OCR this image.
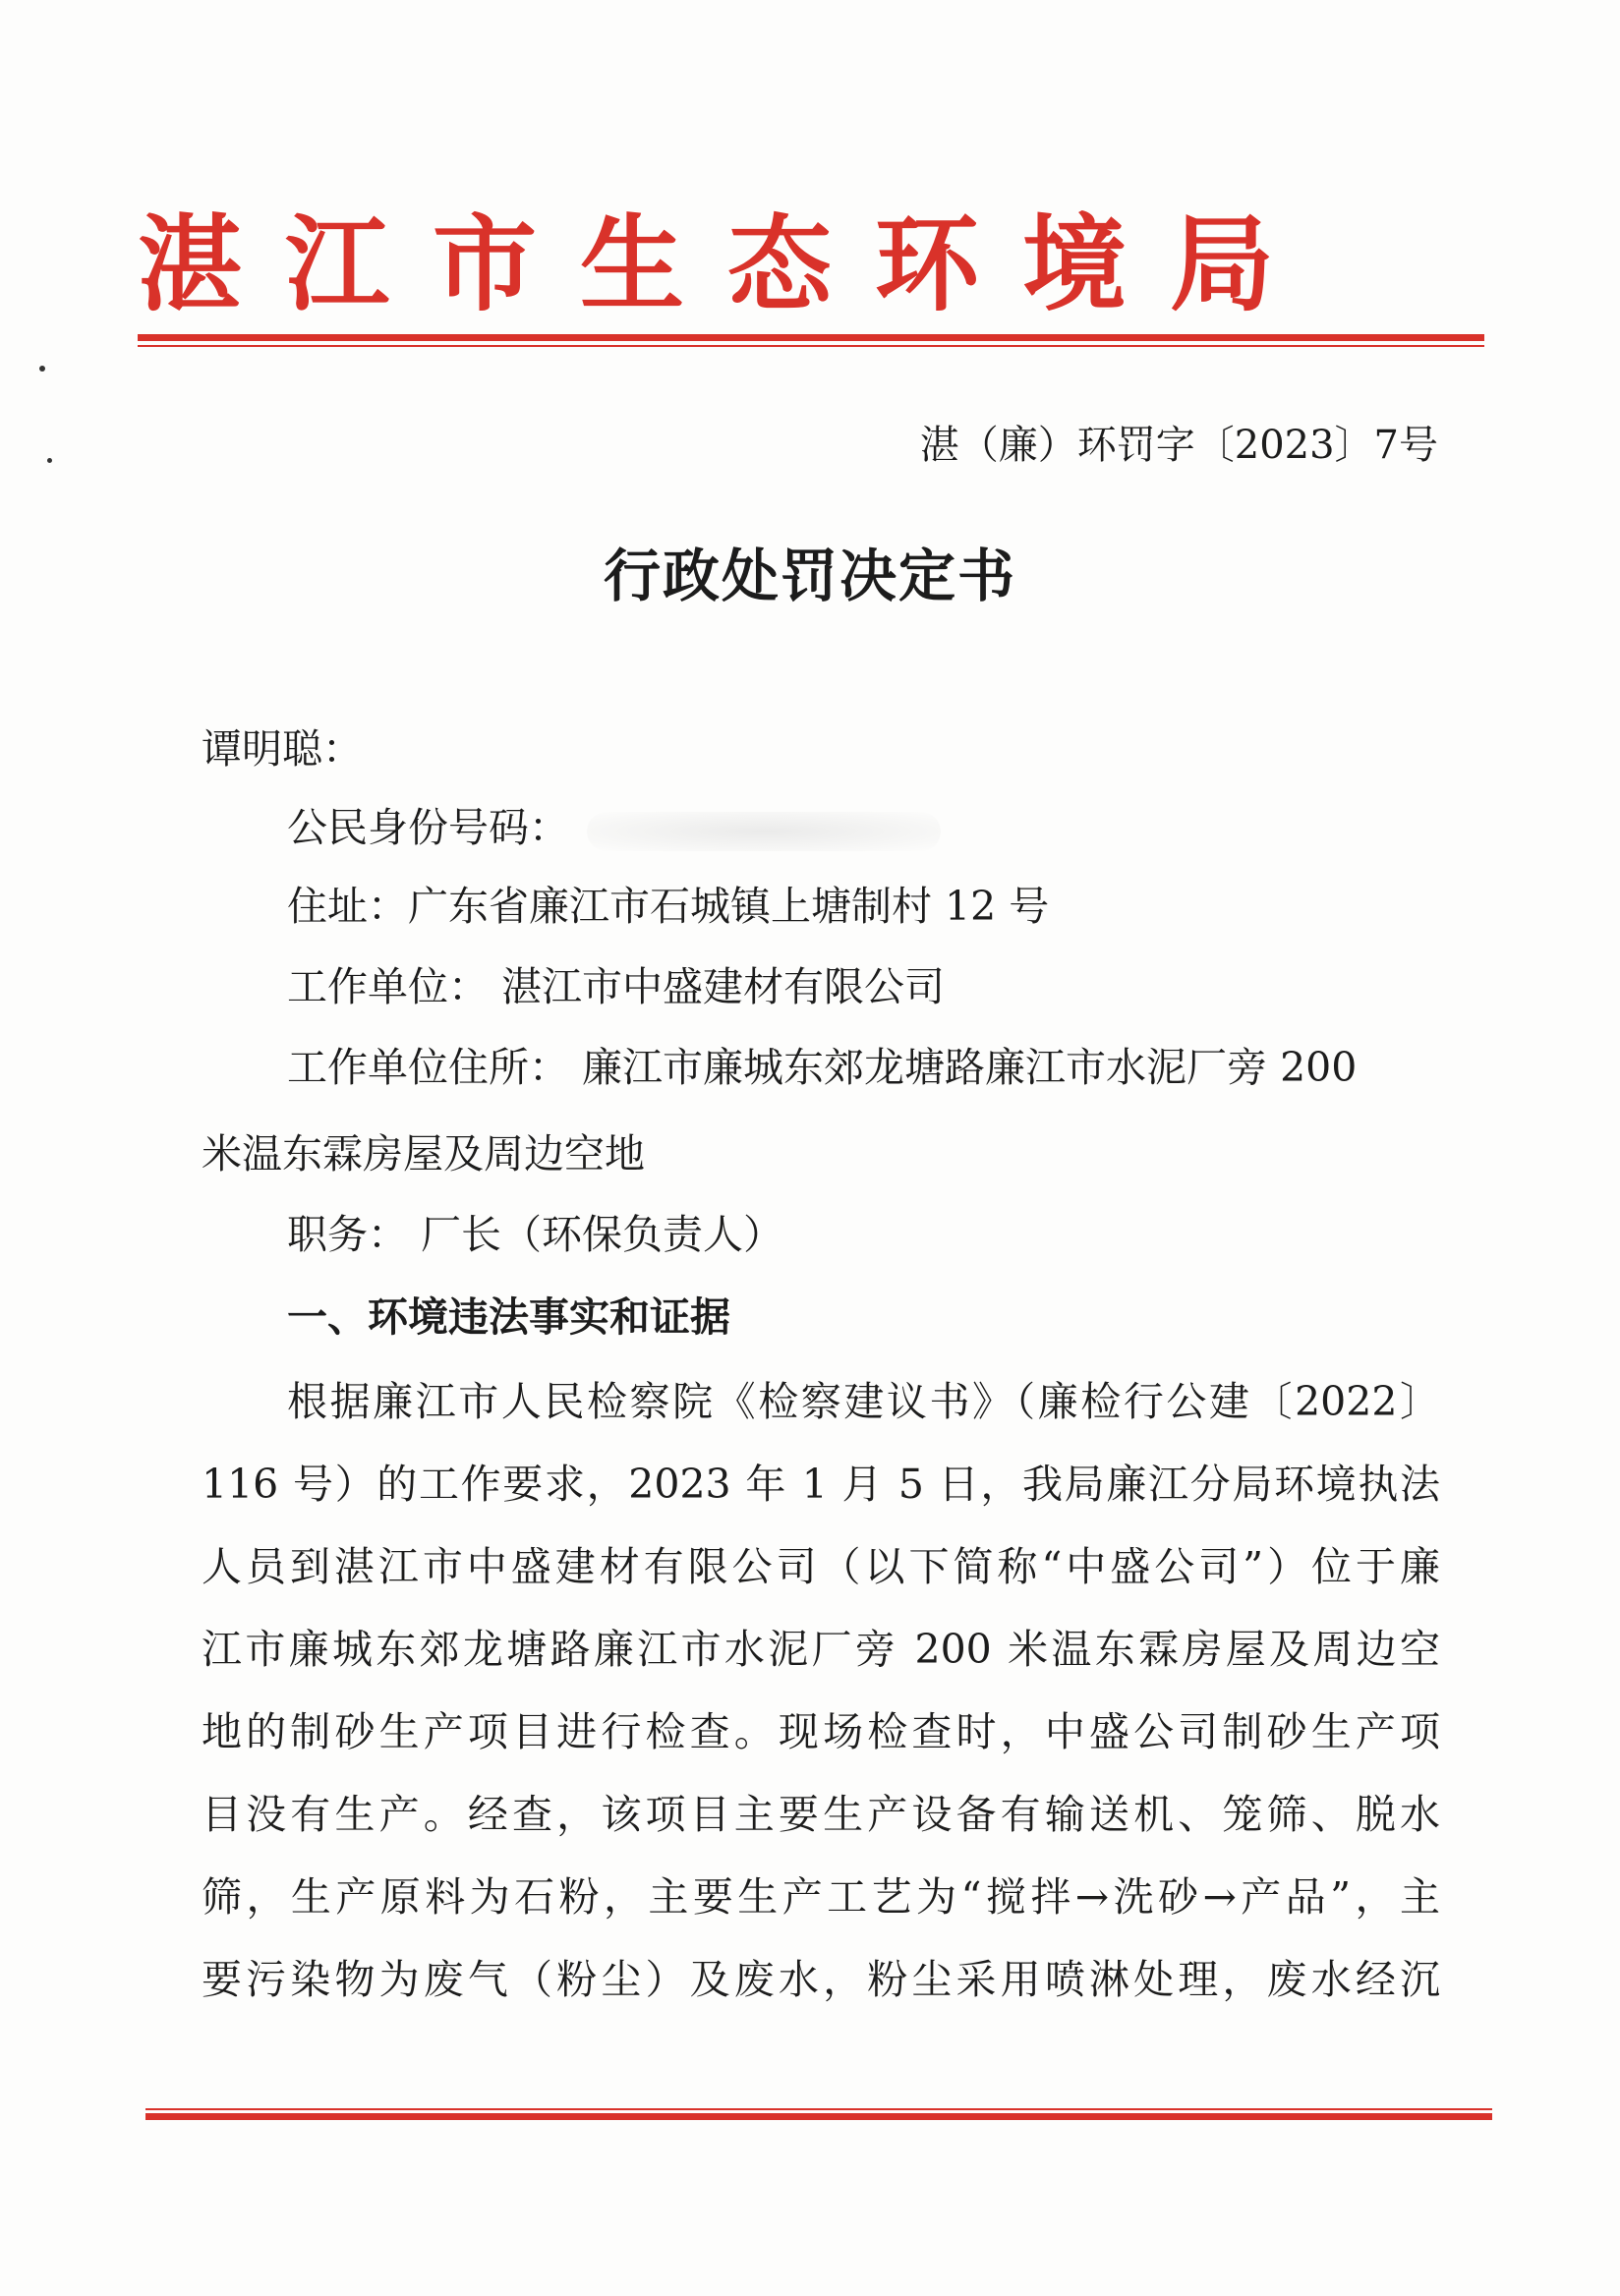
湛江市生态环境局
湛（廉）环罚字〔2023〕7号
行政处罚决定书
谭明聪：
公民身份号码：
住址：广东省廉江市石城镇上塘制村 12 号
工作单位： 湛江市中盛建材有限公司
工作单位住所： 廉江市廉城东郊龙塘路廉江市水泥厂旁 200
米温东霖房屋及周边空地
职务： 厂长（环保负责人）
一、环境违法事实和证据
根据廉江市人民检察院《检察建议书》（廉检行公建〔2022〕
116 号）的工作要求，2023 年 1 月 5 日，我局廉江分局环境执法
人员到湛江市中盛建材有限公司（以下简称“中盛公司”）位于廉
江市廉城东郊龙塘路廉江市水泥厂旁 200 米温东霖房屋及周边空
地的制砂生产项目进行检查。现场检查时，中盛公司制砂生产项
目没有生产。经查，该项目主要生产设备有输送机、笼筛、脱水
筛，生产原料为石粉，主要生产工艺为“搅拌→洗砂→产品”，主
要污染物为废气（粉尘）及废水，粉尘采用喷淋处理，废水经沉
